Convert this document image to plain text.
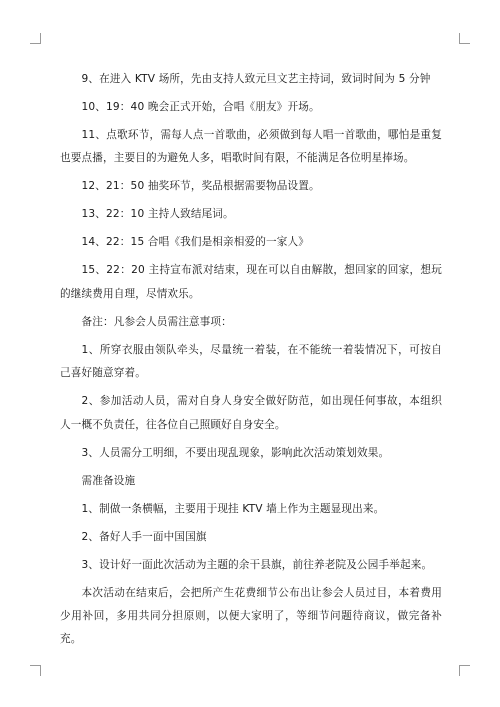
9、在进入 KTV 场所，先由支持人致元旦文艺主持词，致词时间为 5 分钟

10、19：40 晚会正式开始，合唱《朋友》开场。

11、点歌环节，需每人点一首歌曲，必须做到每人唱一首歌曲，哪怕是重复也要点播，主要目的为避免人多，唱歌时间有限，不能满足各位明星捧场。

12、21：50 抽奖环节，奖品根据需要物品设置。

13、22：10 主持人致结尾词。

14、22：15 合唱《我们是相亲相爱的一家人》

15、22：20 主持宣布派对结束，现在可以自由解散，想回家的回家，想玩的继续费用自理，尽情欢乐。

备注：凡参会人员需注意事项：

1、所穿衣服由领队牵头，尽量统一着装，在不能统一着装情况下，可按自己喜好随意穿着。

2、参加活动人员，需对自身人身安全做好防范，如出现任何事故，本组织人一概不负责任，往各位自己照顾好自身安全。

3、人员需分工明细，不要出现乱现象，影响此次活动策划效果。

需准备设施

1、制做一条横幅，主要用于现挂 KTV 墙上作为主题显现出来。

2、备好人手一面中国国旗

3、设计好一面此次活动为主题的余干县旗，前往养老院及公园手举起来。

本次活动在结束后，会把所产生花费细节公布出让参会人员过目，本着费用少用补回，多用共同分担原则，以便大家明了，等细节问题待商议，做完备补充。
